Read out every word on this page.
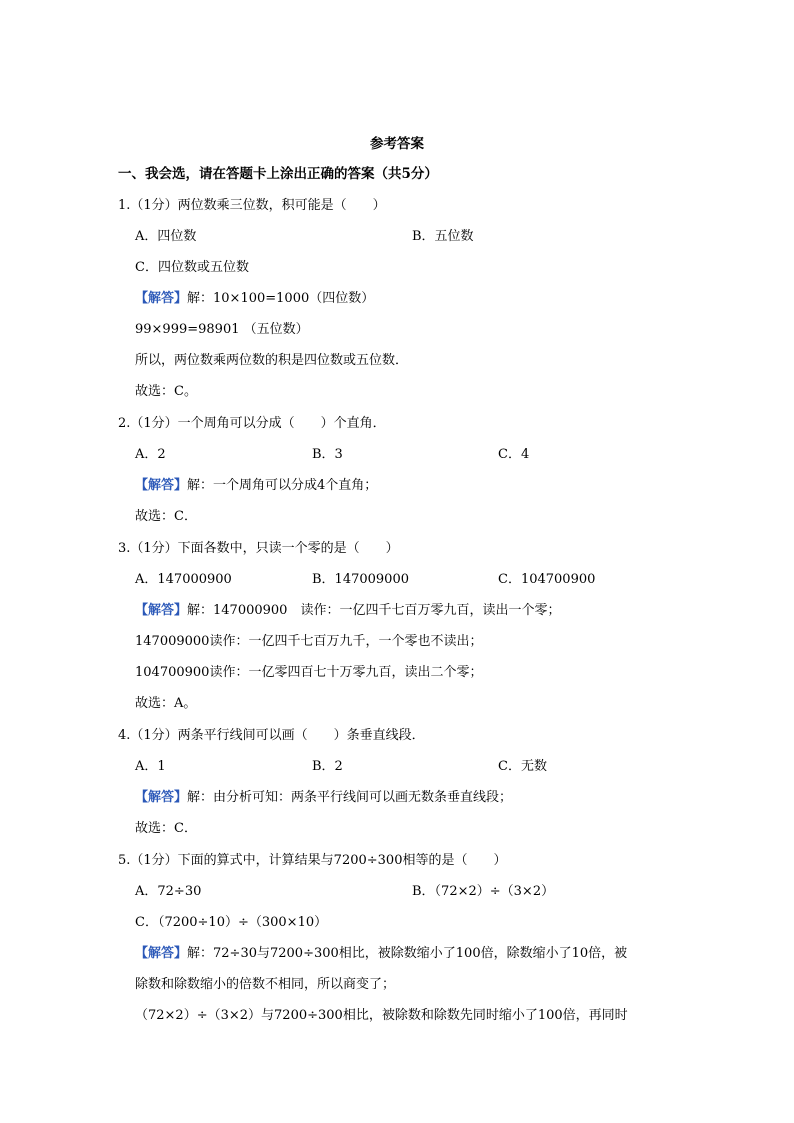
参考答案
一、我会选，请在答题卡上涂出正确的答案（共5分）
1.（1分）两位数乘三位数，积可能是（　　）
A．四位数	B．五位数
C．四位数或五位数
【解答】解：10×100=1000（四位数）
99×999=98901 （五位数）
所以，两位数乘两位数的积是四位数或五位数．
故选：C。
2.（1分）一个周角可以分成（　　）个直角．
A．2	B．3	C．4
【解答】解：一个周角可以分成4个直角；
故选：C．
3.（1分）下面各数中，只读一个零的是（　　）
A．147000900	B．147009000	C．104700900
【解答】解：147000900　读作：一亿四千七百万零九百，读出一个零；
147009000读作：一亿四千七百万九千，一个零也不读出；
104700900读作：一亿零四百七十万零九百，读出二个零；
故选：A。
4.（1分）两条平行线间可以画（　　）条垂直线段．
A．1	B．2	C．无数
【解答】解：由分析可知：两条平行线间可以画无数条垂直线段；
故选：C．
5.（1分）下面的算式中，计算结果与7200÷300相等的是（　　）
A．72÷30	B．（72×2）÷（3×2）
C．（7200÷10）÷（300×10）
【解答】解：72÷30与7200÷300相比，被除数缩小了100倍，除数缩小了10倍，被
除数和除数缩小的倍数不相同，所以商变了；
（72×2）÷（3×2）与7200÷300相比，被除数和除数先同时缩小了100倍，再同时
